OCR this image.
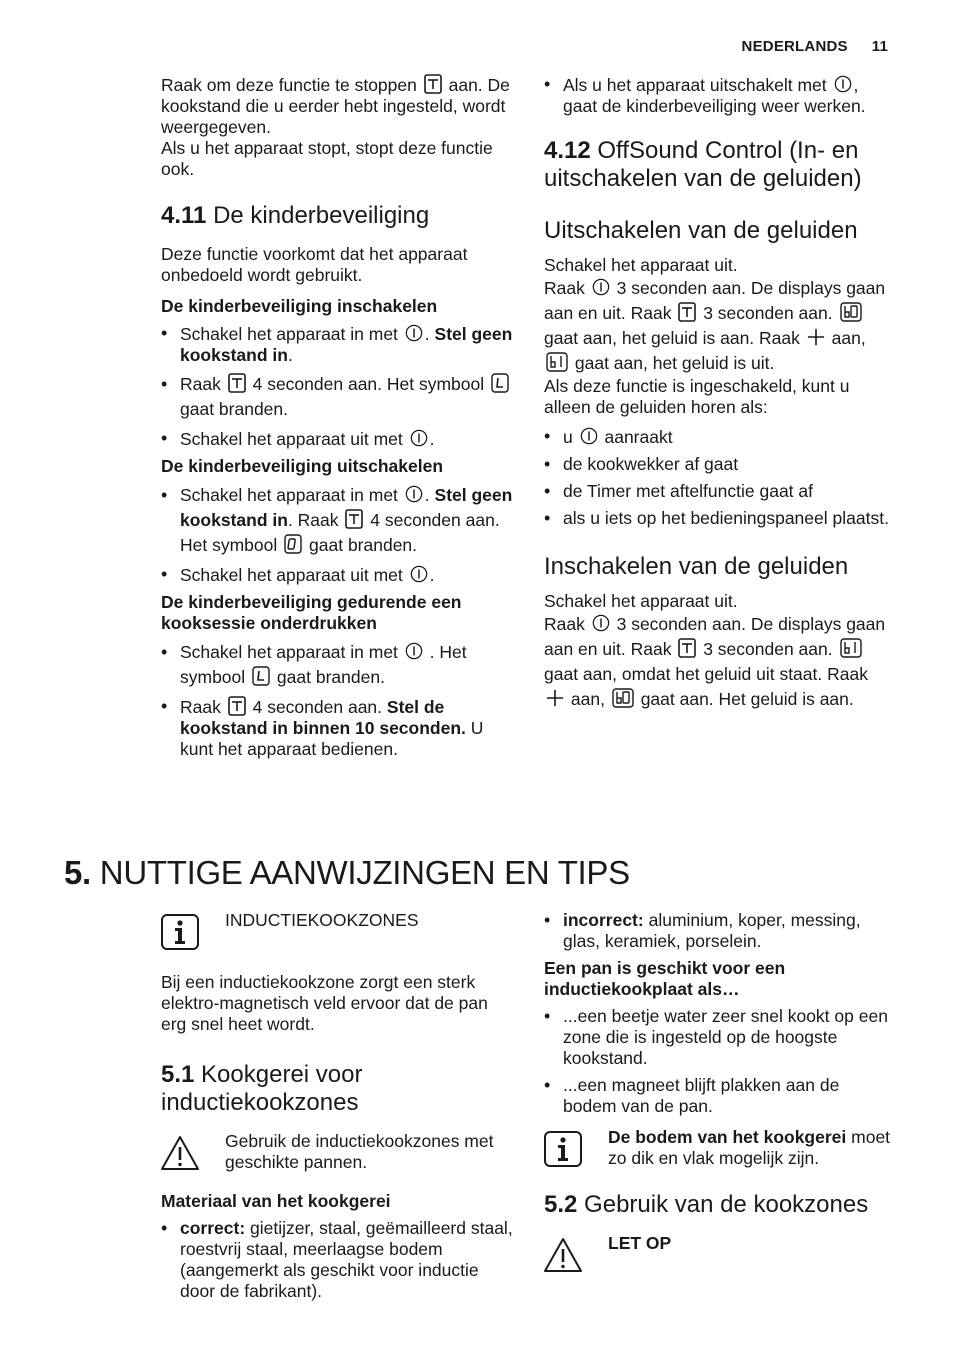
NEDERLANDS 11

Raak om deze functie te stoppen aan. De kookstand die u eerder hebt ingesteld, wordt weergegeven.

Als u het apparaat stopt, stopt deze functie ook.

4.11 De kinderbeveiliging

Deze functie voorkomt dat het apparaat onbedoeld wordt gebruikt.

De kinderbeveiliging inschakelen

• Schakel het apparaat in met . Stel geen kookstand in.
• Raak 4 seconden aan. Het symbool
gaat branden.
• Schakel het apparaat uit met .

De kinderbeveiliging uitschakelen

• Schakel het apparaat in met . Stel geen kookstand in. Raak 4 seconden aan. Het symbool gaat branden.
• Schakel het apparaat uit met .

De kinderbeveiliging gedurende een kooksessie onderdrukken

• Schakel het apparaat in met . Het symbool gaat branden.
• Raak 4 seconden aan. Stel de kookstand in binnen 10 seconden. U kunt het apparaat bedienen.
• Als u het apparaat uitschakelt met , gaat de kinderbeveiliging weer werken.
4.12 OffSound Control (In- en uitschakelen van de geluiden)
Uitschakelen van de geluiden

Schakel het apparaat uit.

Raak 3 seconden aan. De displays gaan aan en uit. Raak 3 seconden aan.
gaat aan, het geluid is aan. Raak aan,
gaat aan, het geluid is uit.

Als deze functie is ingeschakeld, kunt u alleen de geluiden horen als:

• u aanraakt
• de kookwekker af gaat
• de Timer met aftelfunctie gaat af
• als u iets op het bedieningspaneel plaatst.
Inschakelen van de geluiden

Schakel het apparaat uit.

Raak 3 seconden aan. De displays gaan aan en uit. Raak 3 seconden aan.
gaat aan, omdat het geluid uit staat. Raak
aan, gaat aan. Het geluid is aan.

5. NUTTIGE AANWIJZINGEN EN TIPS

INDUCTIEKOOKZONES

Bij een inductiekookzone zorgt een sterk elektro-magnetisch veld ervoor dat de pan erg snel heet wordt.

5.1 Kookgerei voor inductiekookzones

Gebruik de inductiekookzones met geschikte pannen.

Materiaal van het kookgerei

• correct: gietijzer, staal, geëmailleerd staal, roestvrij staal, meerlaagse bodem (aangemerkt als geschikt voor inductie door de fabrikant).
• incorrect: aluminium, koper, messing, glas, keramiek, porselein.

Een pan is geschikt voor een inductiekookplaat als…

• ...een beetje water zeer snel kookt op een zone die is ingesteld op de hoogste kookstand.
• ...een magneet blijft plakken aan de bodem van de pan.

De bodem van het kookgerei moet zo dik en vlak mogelijk zijn.

5.2 Gebruik van de kookzones

LET OP
